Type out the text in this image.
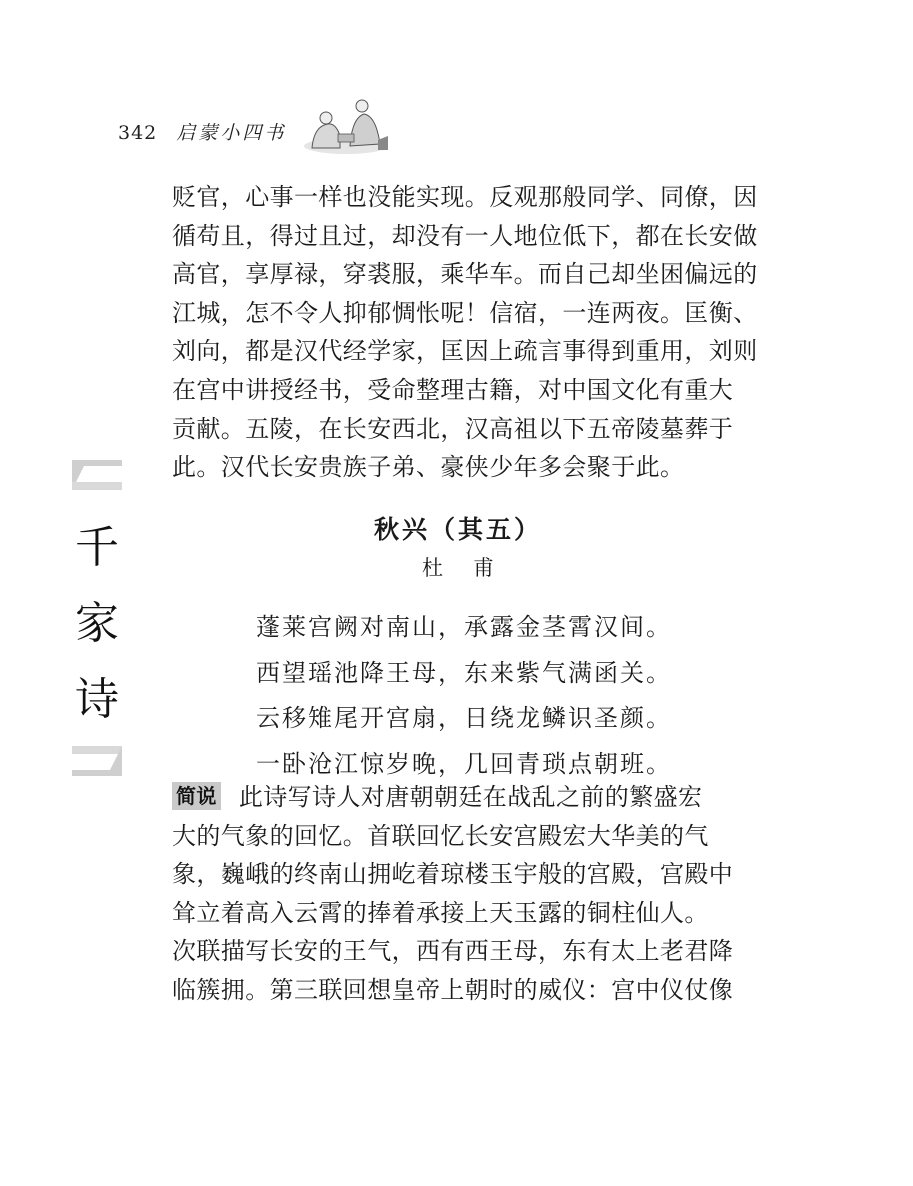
342 启蒙小四书
千
家
诗
贬官，心事一样也没能实现。反观那般同学、同僚，因
循苟且，得过且过，却没有一人地位低下，都在长安做
高官，享厚禄，穿裘服，乘华车。而自己却坐困偏远的
江城，怎不令人抑郁惆怅呢！信宿，一连两夜。匡衡、
刘向，都是汉代经学家，匡因上疏言事得到重用，刘则
在宫中讲授经书，受命整理古籍，对中国文化有重大
贡献。五陵，在长安西北，汉高祖以下五帝陵墓葬于
此。汉代长安贵族子弟、豪侠少年多会聚于此。
秋兴（其五）
杜甫
蓬莱宫阙对南山，承露金茎霄汉间。
西望瑶池降王母，东来紫气满函关。
云移雉尾开宫扇，日绕龙鳞识圣颜。
一卧沧江惊岁晚，几回青琐点朝班。
简说 此诗写诗人对唐朝朝廷在战乱之前的繁盛宏
大的气象的回忆。首联回忆长安宫殿宏大华美的气
象，巍峨的终南山拥屹着琼楼玉宇般的宫殿，宫殿中
耸立着高入云霄的捧着承接上天玉露的铜柱仙人。
次联描写长安的王气，西有西王母，东有太上老君降
临簇拥。第三联回想皇帝上朝时的威仪：宫中仪仗像
